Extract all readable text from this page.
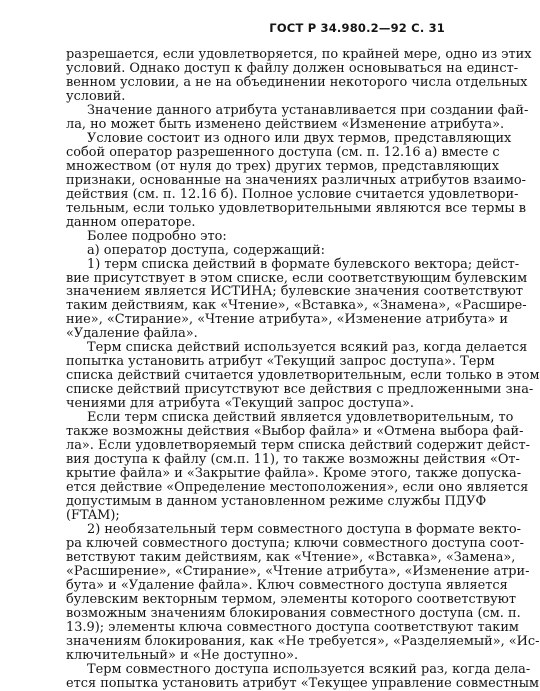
ГОСТ Р 34.980.2—92 С. 31
разрешается, если удовлетворяется, по крайней мере, одно из этих
условий. Однако доступ к файлу должен основываться на единст-
венном условии, а не на объединении некоторого числа отдельных
условий.
Значение данного атрибута устанавливается при создании фай-
ла, но может быть изменено действием «Изменение атрибута».
Условие состоит из одного или двух термов, представляющих
собой оператор разрешенного доступа (см. п. 12.16 а) вместе с
множеством (от нуля до трех) других термов, представляющих
признаки, основанные на значениях различных атрибутов взаимо-
действия (см. п. 12.16 б). Полное условие считается удовлетвори-
тельным, если только удовлетворительными являются все термы в
данном операторе.
Более подробно это:
а) оператор доступа, содержащий:
1) терм списка действий в формате булевского вектора; дейст-
вие присутствует в этом списке, если соответствующим булевским
значением является ИСТИНА; булевские значения соответствуют
таким действиям, как «Чтение», «Вставка», «Знамена», «Расшире-
ние», «Стирание», «Чтение атрибута», «Изменение атрибута» и
«Удаление файла».
Терм списка действий используется всякий раз, когда делается
попытка установить атрибут «Текущий запрос доступа». Терм
списка действий считается удовлетворительным, если только в этом
списке действий присутствуют все действия с предложенными зна-
чениями для атрибута «Текущий запрос доступа».
Если терм списка действий является удовлетворительным, то
также возможны действия «Выбор файла» и «Отмена выбора фай-
ла». Если удовлетворяемый терм списка действий содержит дейст-
вия доступа к файлу (см.п. 11), то также возможны действия «От-
крытие файла» и «Закрытие файла». Кроме этого, также допуска-
ется действие «Определение местоположения», если оно является
допустимым в данном установленном режиме службы ПДУФ
(FTAM);
2) необязательный терм совместного доступа в формате векто-
ра ключей совместного доступа; ключи совместного доступа соот-
ветствуют таким действиям, как «Чтение», «Вставка», «Замена»,
«Расширение», «Стирание», «Чтение атрибута», «Изменение атри-
бута» и «Удаление файла». Ключ совместного доступа является
булевским векторным термом, элементы которого соответствуют
возможным значениям блокирования совместного доступа (см. п.
13.9); элементы ключа совместного доступа соответствуют таким
значениям блокирования, как «Не требуется», «Разделяемый», «Ис-
ключительный» и «Не доступно».
Терм совместного доступа используется всякий раз, когда дела-
ется попытка установить атрибут «Текущее управление совместным
